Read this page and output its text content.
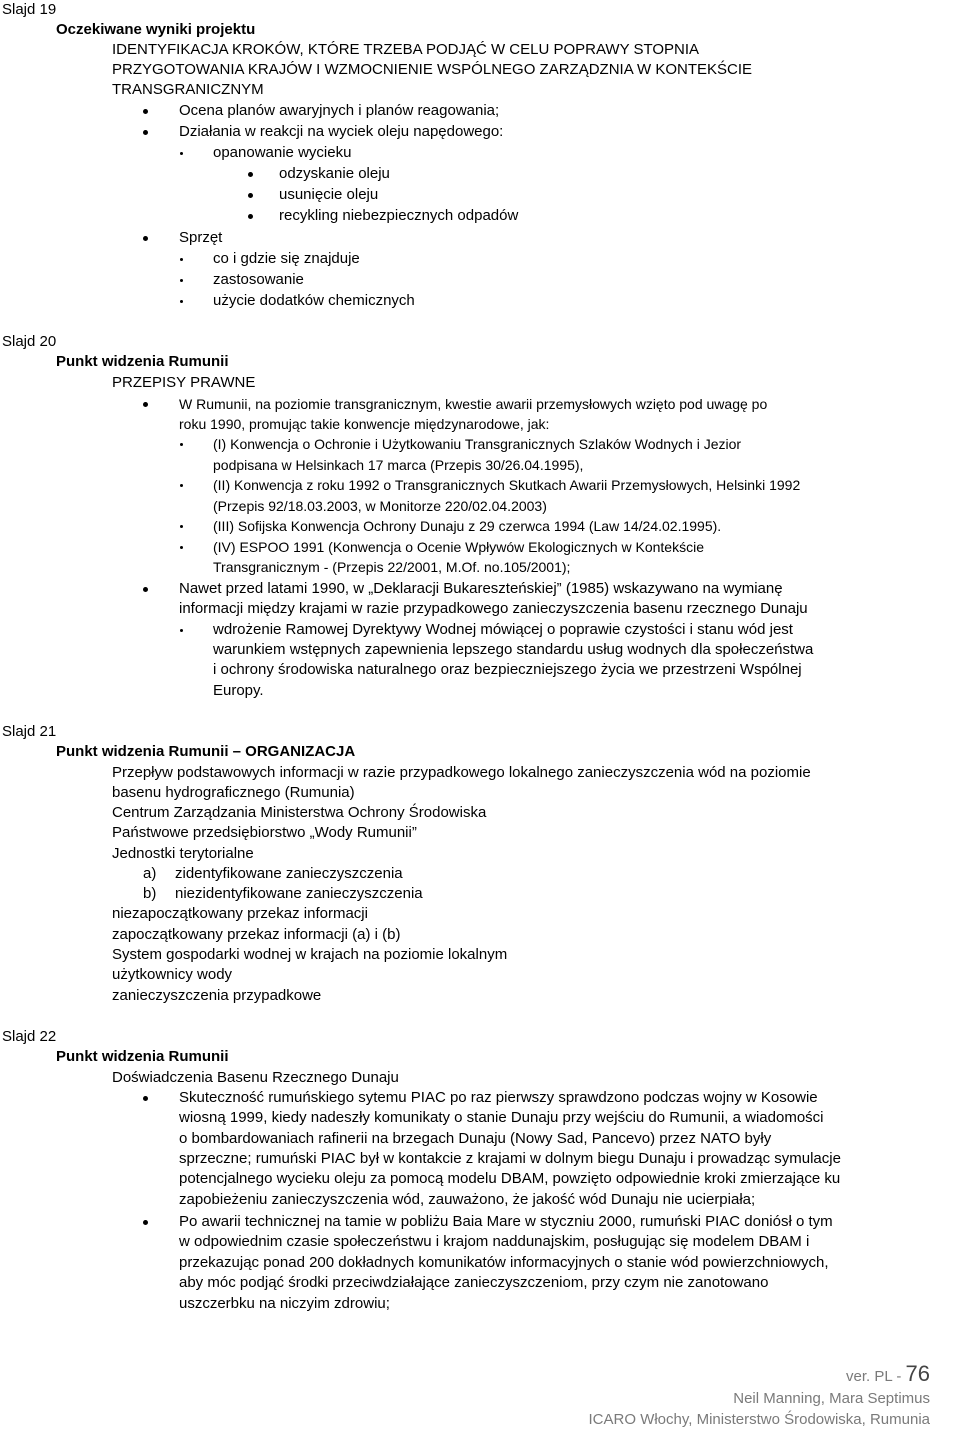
Slajd 19
Oczekiwane wyniki projektu
IDENTYFIKACJA KROKÓW, KTÓRE TRZEBA PODJĄĆ W CELU POPRAWY STOPNIA
PRZYGOTOWANIA KRAJÓW I WZMOCNIENIE WSPÓLNEGO ZARZĄDZNIA W KONTEKŚCIE
TRANSGRANICZNYM
Ocena planów awaryjnych i planów reagowania;
Działania w reakcji na wyciek oleju napędowego:
opanowanie wycieku
odzyskanie oleju
usunięcie oleju
recykling niebezpiecznych odpadów
Sprzęt
co i gdzie się znajduje
zastosowanie
użycie dodatków chemicznych
Slajd 20
Punkt widzenia Rumunii
PRZEPISY PRAWNE
W Rumunii, na poziomie transgranicznym, kwestie awarii przemysłowych wzięto pod uwagę po
roku 1990, promując takie konwencje międzynarodowe, jak:
(I) Konwencja o Ochronie i Użytkowaniu Transgranicznych Szlaków Wodnych i Jezior
podpisana w Helsinkach 17 marca (Przepis 30/26.04.1995),
(II) Konwencja z roku 1992 o Transgranicznych Skutkach Awarii Przemysłowych, Helsinki 1992
(Przepis 92/18.03.2003, w Monitorze 220/02.04.2003)
(III) Sofijska Konwencja Ochrony Dunaju z 29 czerwca 1994 (Law 14/24.02.1995).
(IV) ESPOO 1991 (Konwencja o Ocenie Wpływów Ekologicznych w Kontekście
Transgranicznym - (Przepis 22/2001, M.Of. no.105/2001);
Nawet przed latami 1990, w „Deklaracji Bukaresztеńskiej” (1985) wskazywano na wymianę
informacji między krajami w razie przypadkowego zanieczyszczenia basenu rzecznego Dunaju
wdrożenie Ramowej Dyrektywy Wodnej mówiącej o poprawie czystości i stanu wód jest
warunkiem wstępnych zapewnienia lepszego standardu usług wodnych dla społeczeństwa
i ochrony środowiska naturalnego oraz bezpieczniejszego życia we przestrzeni Wspólnej
Europy.
Slajd 21
Punkt widzenia Rumunii – ORGANIZACJA
Przepływ podstawowych informacji w razie przypadkowego lokalnego zanieczyszczenia wód na poziomie
basenu hydrograficznego (Rumunia)
Centrum Zarządzania Ministerstwa Ochrony Środowiska
Państwowe przedsiębiorstwo „Wody Rumunii”
Jednostki terytorialne
a) zidentyfikowane zanieczyszczenia
b) niezidentyfikowane zanieczyszczenia
niezapoczątkowany przekaz informacji
zapoczątkowany przekaz informacji (a) i (b)
System gospodarki wodnej w krajach na poziomie lokalnym
użytkownicy wody
zanieczyszczenia przypadkowe
Slajd 22
Punkt widzenia Rumunii
Doświadczenia Basenu Rzecznego Dunaju
Skuteczność rumuńskiego sytemu PIAC po raz pierwszy sprawdzono podczas wojny w Kosowie
wiosną 1999, kiedy nadeszły komunikaty o stanie Dunaju przy wejściu do Rumunii, a wiadomości
o bombardowaniach rafinerii na brzegach Dunaju (Nowy Sad, Pancevo) przez NATO były
sprzeczne; rumuński PIAC był w kontakcie z krajami w dolnym biegu Dunaju i prowadząc symulacje
potencjalnego wycieku oleju za pomocą modelu DBAM, powzięto odpowiednie kroki zmierzające ku
zapobieżeniu zanieczyszczenia wód, zauważono, że jakość wód Dunaju nie ucierpiała;
Po awarii technicznej na tamie w pobliżu Baia Mare w styczniu 2000, rumuński PIAC doniósł o tym
w odpowiednim czasie społeczeństwu i krajom naddunajskim, posługując się modelem DBAM i
przekazując ponad 200 dokładnych komunikatów informacyjnych o stanie wód powierzchniowych,
aby móc podjąć środki przeciwdziałające zanieczyszczeniom, przy czym nie zanotowano
uszczerbku na niczyim zdrowiu;
ver. PL - 76
Neil Manning, Mara Septimus
ICARO Włochy, Ministerstwo Środowiska, Rumunia
